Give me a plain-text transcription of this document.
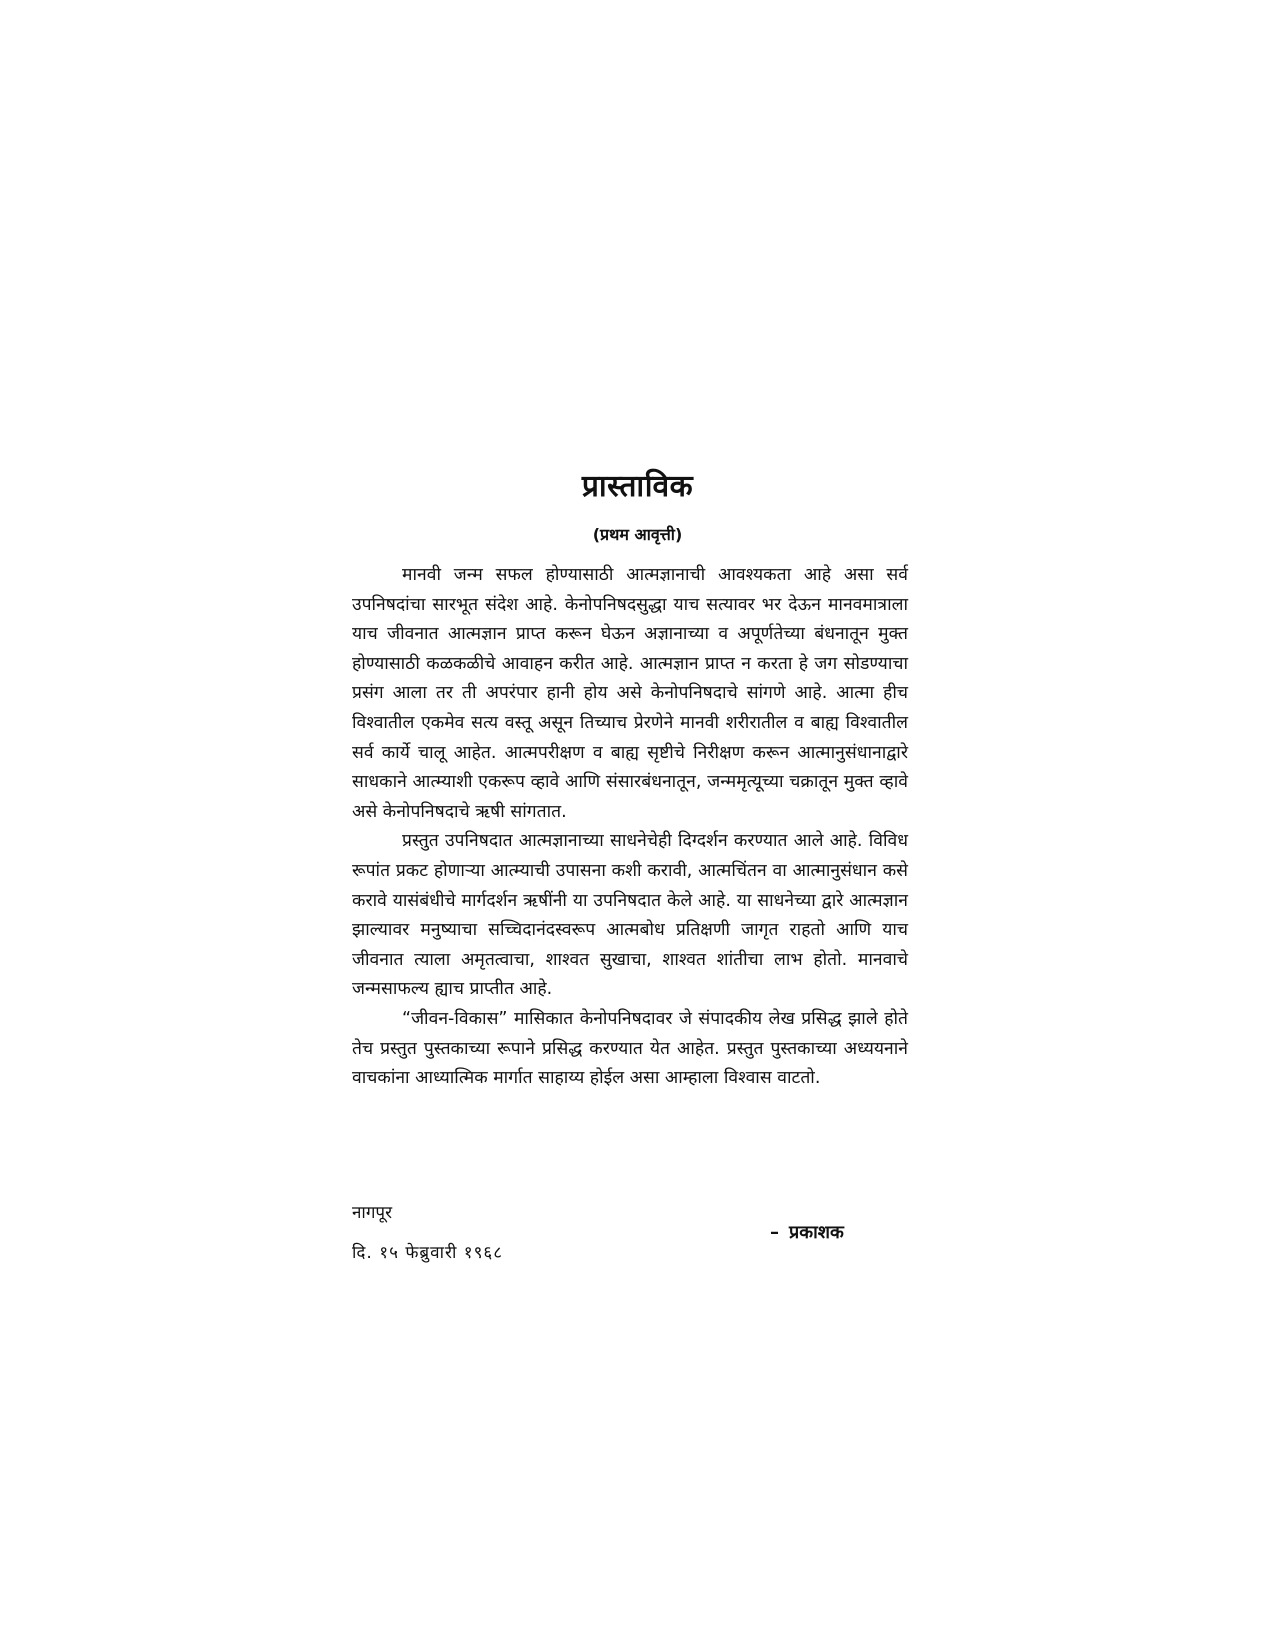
प्रास्ताविक
(प्रथम आवृत्ती)

मानवी जन्म सफल होण्यासाठी आत्मज्ञानाची आवश्यकता आहे असा सर्व उपनिषदांचा सारभूत संदेश आहे. केनोपनिषदसुद्धा याच सत्यावर भर देऊन मानवमात्राला याच जीवनात आत्मज्ञान प्राप्त करून घेऊन अज्ञानाच्या व अपूर्णतेच्या बंधनातून मुक्त होण्यासाठी कळकळीचे आवाहन करीत आहे. आत्मज्ञान प्राप्त न करता हे जग सोडण्याचा प्रसंग आला तर ती अपरंपार हानी होय असे केनोपनिषदाचे सांगणे आहे. आत्मा हीच विश्वातील एकमेव सत्य वस्तू असून तिच्याच प्रेरणेने मानवी शरीरातील व बाह्य विश्वातील सर्व कार्ये चालू आहेत. आत्मपरीक्षण व बाह्य सृष्टीचे निरीक्षण करून आत्मानुसंधानाद्वारे साधकाने आत्म्याशी एकरूप व्हावे आणि संसारबंधनातून, जन्ममृत्यूच्या चक्रातून मुक्त व्हावे असे केनोपनिषदाचे ऋषी सांगतात.

प्रस्तुत उपनिषदात आत्मज्ञानाच्या साधनेचेही दिग्दर्शन करण्यात आले आहे. विविध रूपांत प्रकट होणाऱ्या आत्म्याची उपासना कशी करावी, आत्मचिंतन वा आत्मानुसंधान कसे करावे यासंबंधीचे मार्गदर्शन ऋषींनी या उपनिषदात केले आहे. या साधनेच्या द्वारे आत्मज्ञान झाल्यावर मनुष्याचा सच्चिदानंदस्वरूप आत्मबोध प्रतिक्षणी जागृत राहतो आणि याच जीवनात त्याला अमृतत्वाचा, शाश्वत सुखाचा, शाश्वत शांतीचा लाभ होतो. मानवाचे जन्मसाफल्य ह्याच प्राप्तीत आहे.

“जीवन-विकास” मासिकात केनोपनिषदावर जे संपादकीय लेख प्रसिद्ध झाले होते तेच प्रस्तुत पुस्तकाच्या रूपाने प्रसिद्ध करण्यात येत आहेत. प्रस्तुत पुस्तकाच्या अध्ययनाने वाचकांना आध्यात्मिक मार्गात साहाय्य होईल असा आम्हाला विश्वास वाटतो.

नागपूर
दि. १५ फेब्रुवारी १९६८
– प्रकाशक
